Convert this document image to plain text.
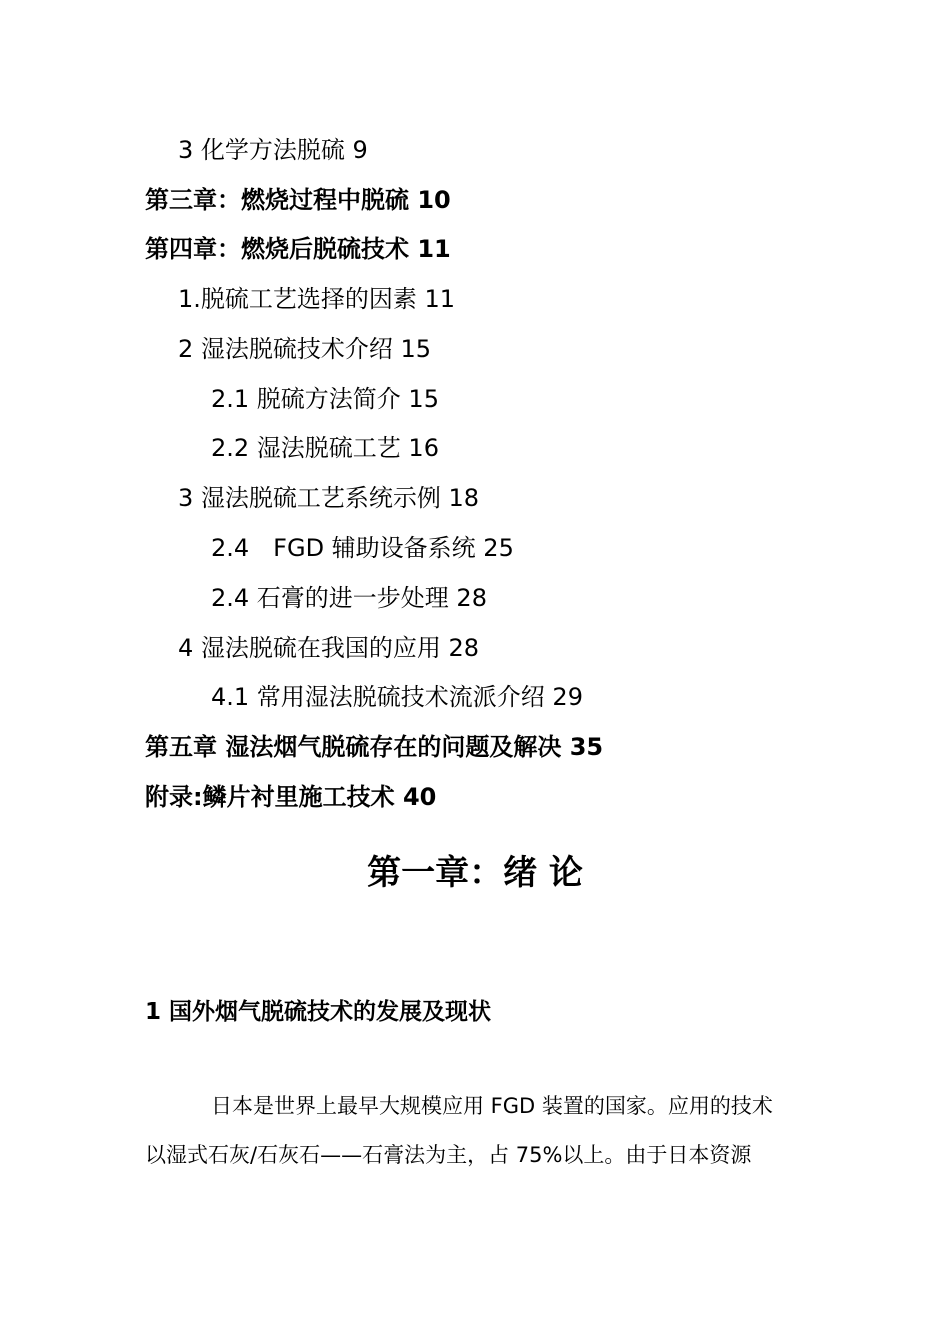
3 化学方法脱硫 9
第三章：燃烧过程中脱硫 10
第四章：燃烧后脱硫技术 11
1.脱硫工艺选择的因素 11
2 湿法脱硫技术介绍 15
2.1 脱硫方法简介 15
2.2 湿法脱硫工艺 16
3 湿法脱硫工艺系统示例 18
2.4　FGD 辅助设备系统 25
2.4 石膏的进一步处理 28
4 湿法脱硫在我国的应用 28
4.1 常用湿法脱硫技术流派介绍 29
第五章 湿法烟气脱硫存在的问题及解决 35
附录:鳞片衬里施工技术 40
第一章：绪 论
1 国外烟气脱硫技术的发展及现状
日本是世界上最早大规模应用 FGD 装置的国家。应用的技术
以湿式石灰/石灰石——石膏法为主，占 75%以上。由于日本资源
